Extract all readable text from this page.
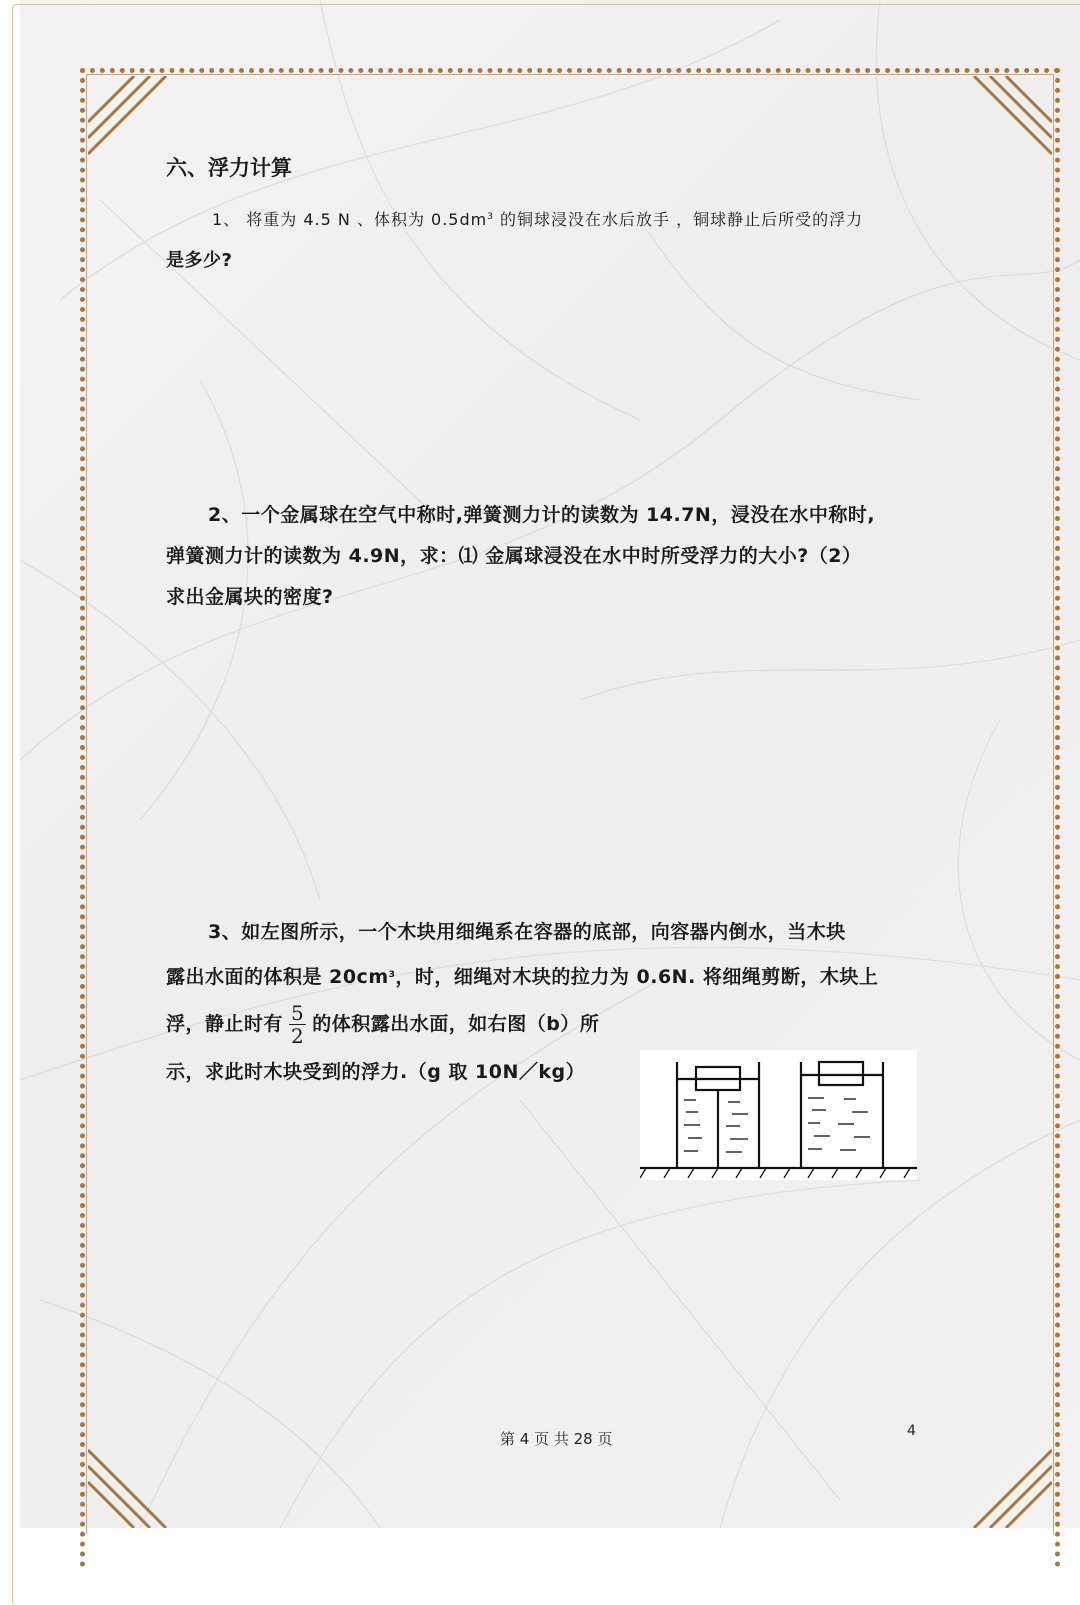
六、浮力计算
1、 将重为 4.5 N 、体积为 $0.5dm^3$ 的铜球浸没在水后放手 ，铜球静止后所受的浮力
是多少?
2、一个金属球在空气中称时,弹簧测力计的读数为 14.7N，浸没在水中称时,
弹簧测力计的读数为 4.9N，求：⑴ 金属球浸没在水中时所受浮力的大小?（2）
求出金属块的密度?
3、如左图所示，一个木块用细绳系在容器的底部，向容器内倒水，当木块
露出水面的体积是 $20cm^3$，时，细绳对木块的拉力为 0.6N. 将细绳剪断，木块上
浮，静止时有 $\frac{5}{2}$ 的体积露出水面，如右图（b）所
示，求此时木块受到的浮力.（g 取 10N／kg）
第 4 页 共 28 页	4
